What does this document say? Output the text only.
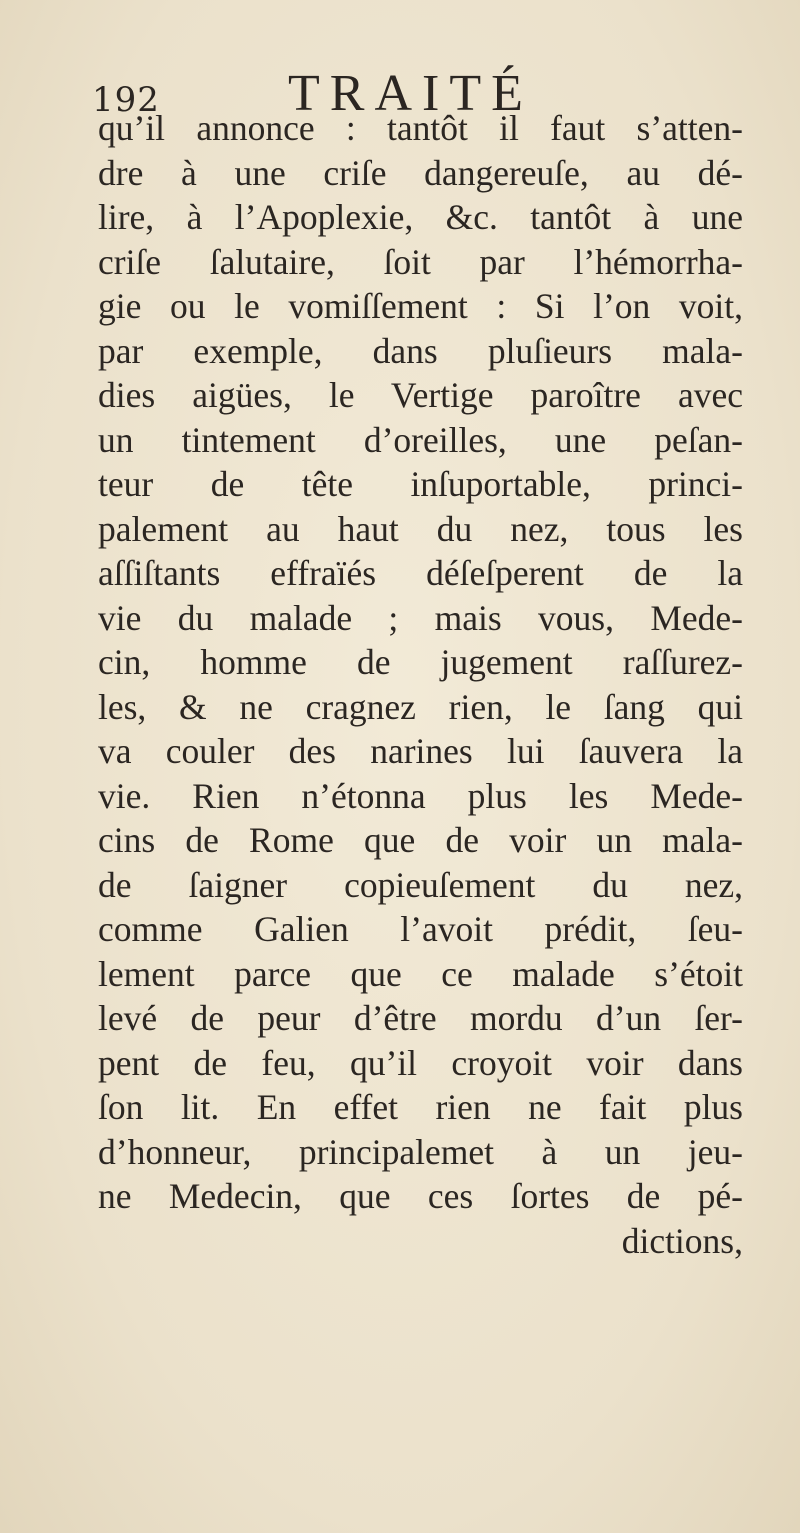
192 TRAITÉ
qu’il annonce : tantôt il faut s’atten-
dre à une criſe dangereuſe, au dé-
lire, à l’Apoplexie, &c. tantôt à une
criſe ſalutaire, ſoit par l’hémorrha-
gie ou le vomiſſement : Si l’on voit,
par exemple, dans pluſieurs mala-
dies aigües, le Vertige paroître avec
un tintement d’oreilles, une peſan-
teur de tête inſuportable, princi-
palement au haut du nez, tous les
aſſiſtants effraïés déſeſperent de la
vie du malade ; mais vous, Mede-
cin, homme de jugement raſſurez-
les, & ne cragnez rien, le ſang qui
va couler des narines lui ſauvera la
vie. Rien n’étonna plus les Mede-
cins de Rome que de voir un mala-
de ſaigner copieuſement du nez,
comme Galien l’avoit prédit, ſeu-
lement parce que ce malade s’étoit
levé de peur d’être mordu d’un ſer-
pent de feu, qu’il croyoit voir dans
ſon lit. En effet rien ne fait plus
d’honneur, principalemet à un jeu-
ne Medecin, que ces ſortes de pé-
dictions,
